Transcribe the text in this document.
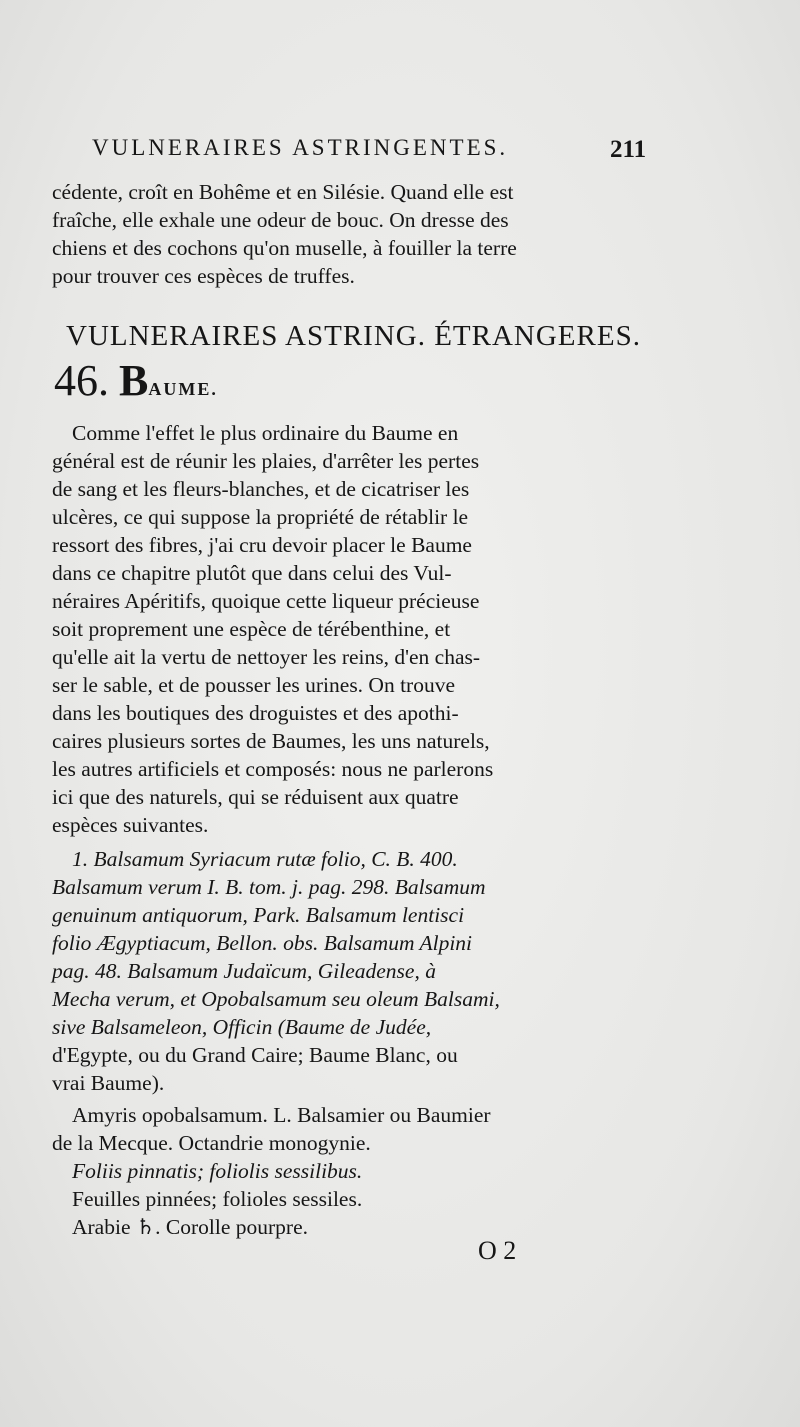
VULNERAIRES ASTRINGENTES.	211
cédente, croît en Bohême et en Silésie. Quand elle est
fraîche, elle exhale une odeur de bouc. On dresse des
chiens et des cochons qu'on muselle, à fouiller la terre
pour trouver ces espèces de truffes.
VULNERAIRES ASTRING. ÉTRANGERES.
46. BAUME.
Comme l'effet le plus ordinaire du Baume en
général est de réunir les plaies, d'arrêter les pertes
de sang et les fleurs-blanches, et de cicatriser les
ulcères, ce qui suppose la propriété de rétablir le
ressort des fibres, j'ai cru devoir placer le Baume
dans ce chapitre plutôt que dans celui des Vul-
néraires Apéritifs, quoique cette liqueur précieuse
soit proprement une espèce de térébenthine, et
qu'elle ait la vertu de nettoyer les reins, d'en chas-
ser le sable, et de pousser les urines. On trouve
dans les boutiques des droguistes et des apothi-
caires plusieurs sortes de Baumes, les uns naturels,
les autres artificiels et composés: nous ne parlerons
ici que des naturels, qui se réduisent aux quatre
espèces suivantes.
1. Balsamum Syriacum rutæ folio, C. B. 400.
Balsamum verum I. B. tom. j. pag. 298. Balsamum
genuinum antiquorum, Park. Balsamum lentisci
folio Ægyptiacum, Bellon. obs. Balsamum Alpini
pag. 48. Balsamum Judaïcum, Gileadense, à
Mecha verum, et Opobalsamum seu oleum Balsami,
sive Balsameleon, Officin (Baume de Judée,
d'Egypte, ou du Grand Caire; Baume Blanc, ou
vrai Baume).
Amyris opobalsamum. L. Balsamier ou Baumier
de la Mecque. Octandrie monogynie.
Foliis pinnatis; foliolis sessilibus.
Feuilles pinnées; folioles sessiles.
Arabie ♄. Corolle pourpre.
O 2
